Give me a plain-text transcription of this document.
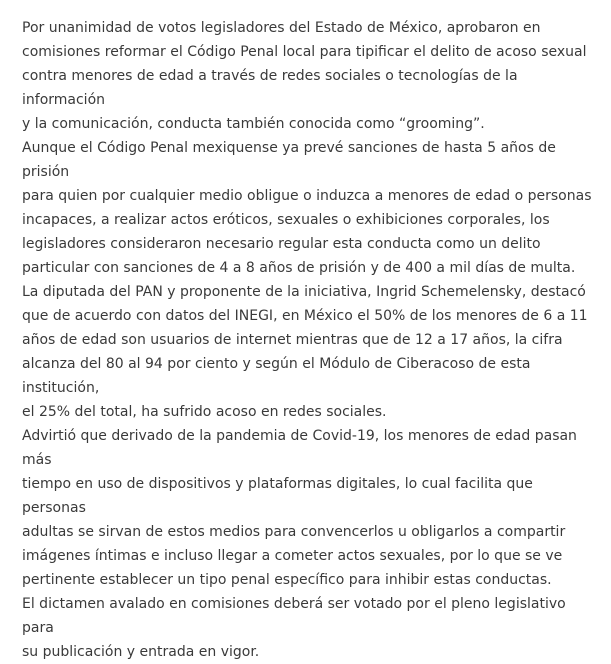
Por unanimidad de votos legisladores del Estado de México, aprobaron en
comisiones reformar el Código Penal local para tipificar el delito de acoso sexual
contra menores de edad a través de redes sociales o tecnologías de la información
y la comunicación, conducta también conocida como “grooming”.

Aunque el Código Penal mexiquense ya prevé sanciones de hasta 5 años de prisión
para quien por cualquier medio obligue o induzca a menores de edad o personas
incapaces, a realizar actos eróticos, sexuales o exhibiciones corporales, los
legisladores consideraron necesario regular esta conducta como un delito
particular con sanciones de 4 a 8 años de prisión y de 400 a mil días de multa.

La diputada del PAN y proponente de la iniciativa, Ingrid Schemelensky, destacó
que de acuerdo con datos del INEGI, en México el 50% de los menores de 6 a 11
años de edad son usuarios de internet mientras que de 12 a 17 años, la cifra
alcanza del 80 al 94 por ciento y según el Módulo de Ciberacoso de esta institución,
el 25% del total, ha sufrido acoso en redes sociales.

Advirtió que derivado de la pandemia de Covid-19, los menores de edad pasan más
tiempo en uso de dispositivos y plataformas digitales, lo cual facilita que personas
adultas se sirvan de estos medios para convencerlos u obligarlos a compartir
imágenes íntimas e incluso llegar a cometer actos sexuales, por lo que se ve
pertinente establecer un tipo penal específico para inhibir estas conductas.

El dictamen avalado en comisiones deberá ser votado por el pleno legislativo para
su publicación y entrada en vigor.
